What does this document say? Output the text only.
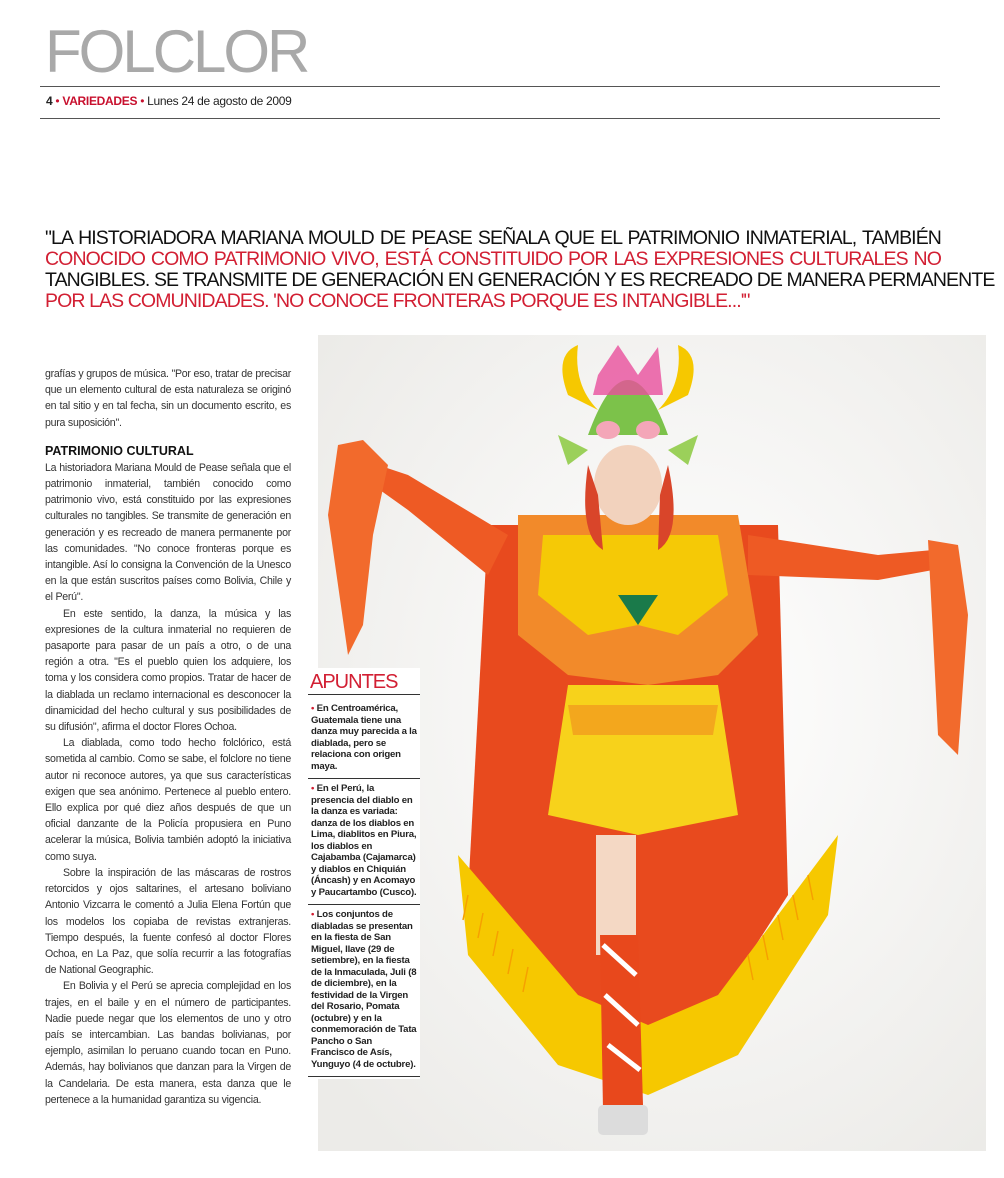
FOLCLOR
4 • VARIEDADES • Lunes 24 de agosto de 2009
"LA HISTORIADORA MARIANA MOULD DE PEASE SEÑALA QUE EL PATRIMONIO INMATERIAL, TAMBIÉN
CONOCIDO COMO PATRIMONIO VIVO, ESTÁ CONSTITUIDO POR LAS EXPRESIONES CULTURALES NO
TANGIBLES. SE TRANSMITE DE GENERACIÓN EN GENERACIÓN Y ES RECREADO DE MANERA PERMANENTE
POR LAS COMUNIDADES. 'NO CONOCE FRONTERAS PORQUE ES INTANGIBLE...'"

grafías y grupos de música. "Por eso, tratar de precisar que un elemento cultural de esta naturaleza se originó en tal sitio y en tal fecha, sin un documento escrito, es pura suposición".

PATRIMONIO CULTURAL

La historiadora Mariana Mould de Pease señala que el patrimonio inmaterial, también conocido como patrimonio vivo, está constituido por las expresiones culturales no tangibles. Se transmite de generación en generación y es recreado de manera permanente por las comunidades. "No conoce fronteras porque es intangible. Así lo consigna la Convención de la Unesco en la que están suscritos países como Bolivia, Chile y el Perú".

En este sentido, la danza, la música y las expresiones de la cultura inmaterial no requieren de pasaporte para pasar de un país a otro, o de una región a otra. "Es el pueblo quien los adquiere, los toma y los considera como propios. Tratar de hacer de la diablada un reclamo internacional es desconocer la dinamicidad del hecho cultural y sus posibilidades de su difusión", afirma el doctor Flores Ochoa.

La diablada, como todo hecho folclórico, está sometida al cambio. Como se sabe, el folclore no tiene autor ni reconoce autores, ya que sus características exigen que sea anónimo. Pertenece al pueblo entero. Ello explica por qué diez años después de que un oficial danzante de la Policía propusiera en Puno acelerar la música, Bolivia también adoptó la iniciativa como suya.

Sobre la inspiración de las máscaras de rostros retorcidos y ojos saltarines, el artesano boliviano Antonio Vizcarra le comentó a Julia Elena Fortún que los modelos los copiaba de revistas extranjeras. Tiempo después, la fuente confesó al doctor Flores Ochoa, en La Paz, que solía recurrir a las fotografías de National Geographic.

En Bolivia y el Perú se aprecia complejidad en los trajes, en el baile y en el número de participantes. Nadie puede negar que los elementos de uno y otro país se intercambian. Las bandas bolivianas, por ejemplo, asimilan lo peruano cuando tocan en Puno. Además, hay bolivianos que danzan para la Virgen de la Candelaria. De esta manera, esta danza que le pertenece a la humanidad garantiza su vigencia.

APUNTES
• En Centroamérica, Guatemala tiene una danza muy parecida a la diablada, pero se relaciona con origen maya.
• En el Perú, la presencia del diablo en la danza es variada: danza de los diablos en Lima, diablitos en Piura, los diablos en Cajabamba (Cajamarca) y diablos en Chiquián (Áncash) y en Acomayo y Paucartambo (Cusco).
• Los conjuntos de diabladas se presentan en la fiesta de San Miguel, Ilave (29 de setiembre), en la fiesta de la Inmaculada, Juli (8 de diciembre), en la festividad de la Virgen del Rosario, Pomata (octubre) y en la conmemoración de Tata Pancho o San Francisco de Asís, Yunguyo (4 de octubre).
